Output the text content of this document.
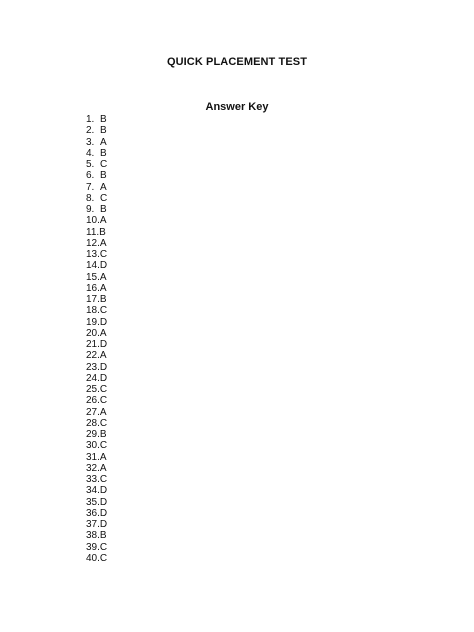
QUICK PLACEMENT TEST
Answer Key
1. B
2. B
3. A
4. B
5. C
6. B
7. A
8. C
9. B
10. A
11. B
12. A
13. C
14. D
15. A
16. A
17. B
18. C
19. D
20. A
21. D
22. A
23. D
24. D
25. C
26. C
27. A
28. C
29. B
30. C
31. A
32. A
33. C
34. D
35. D
36. D
37. D
38. B
39. C
40. C
